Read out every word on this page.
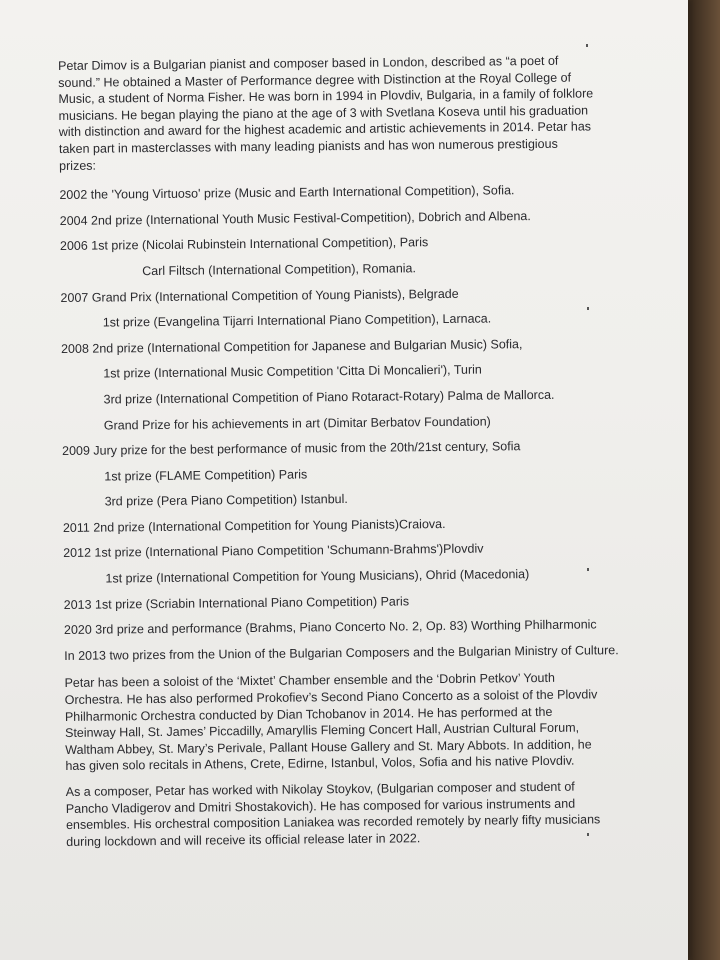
Petar Dimov is a Bulgarian pianist and composer based in London, described as “a poet of sound.” He obtained a Master of Performance degree with Distinction at the Royal College of Music, a student of Norma Fisher. He was born in 1994 in Plovdiv, Bulgaria, in a family of folklore musicians. He began playing the piano at the age of 3 with Svetlana Koseva until his graduation with distinction and award for the highest academic and artistic achievements in 2014. Petar has taken part in masterclasses with many leading pianists and has won numerous prestigious prizes:

2002 the 'Young Virtuoso' prize (Music and Earth International Competition), Sofia.

2004 2nd prize (International Youth Music Festival-Competition), Dobrich and Albena.

2006 1st prize (Nicolai Rubinstein International Competition), Paris

Carl Filtsch (International Competition), Romania.

2007 Grand Prix (International Competition of Young Pianists), Belgrade

1st prize (Evangelina Tijarri International Piano Competition), Larnaca.

2008 2nd prize (International Competition for Japanese and Bulgarian Music) Sofia,

1st prize (International Music Competition 'Citta Di Moncalieri'), Turin

3rd prize (International Competition of Piano Rotaract-Rotary) Palma de Mallorca.

Grand Prize for his achievements in art (Dimitar Berbatov Foundation)

2009 Jury prize for the best performance of music from the 20th/21st century, Sofia

1st prize (FLAME Competition) Paris

3rd prize (Pera Piano Competition) Istanbul.

2011 2nd prize (International Competition for Young Pianists)Craiova.

2012 1st prize (International Piano Competition 'Schumann-Brahms')Plovdiv

1st prize (International Competition for Young Musicians), Ohrid (Macedonia)

2013 1st prize (Scriabin International Piano Competition) Paris

2020 3rd prize and performance (Brahms, Piano Concerto No. 2, Op. 83) Worthing Philharmonic

In 2013 two prizes from the Union of the Bulgarian Composers and the Bulgarian Ministry of Culture.

Petar has been a soloist of the ‘Mixtet’ Chamber ensemble and the ‘Dobrin Petkov’ Youth Orchestra. He has also performed Prokofiev’s Second Piano Concerto as a soloist of the Plovdiv Philharmonic Orchestra conducted by Dian Tchobanov in 2014. He has performed at the Steinway Hall, St. James’ Piccadilly, Amaryllis Fleming Concert Hall, Austrian Cultural Forum, Waltham Abbey, St. Mary’s Perivale, Pallant House Gallery and St. Mary Abbots. In addition, he has given solo recitals in Athens, Crete, Edirne, Istanbul, Volos, Sofia and his native Plovdiv.

As a composer, Petar has worked with Nikolay Stoykov, (Bulgarian composer and student of Pancho Vladigerov and Dmitri Shostakovich). He has composed for various instruments and ensembles. His orchestral composition Laniakea was recorded remotely by nearly fifty musicians during lockdown and will receive its official release later in 2022.
